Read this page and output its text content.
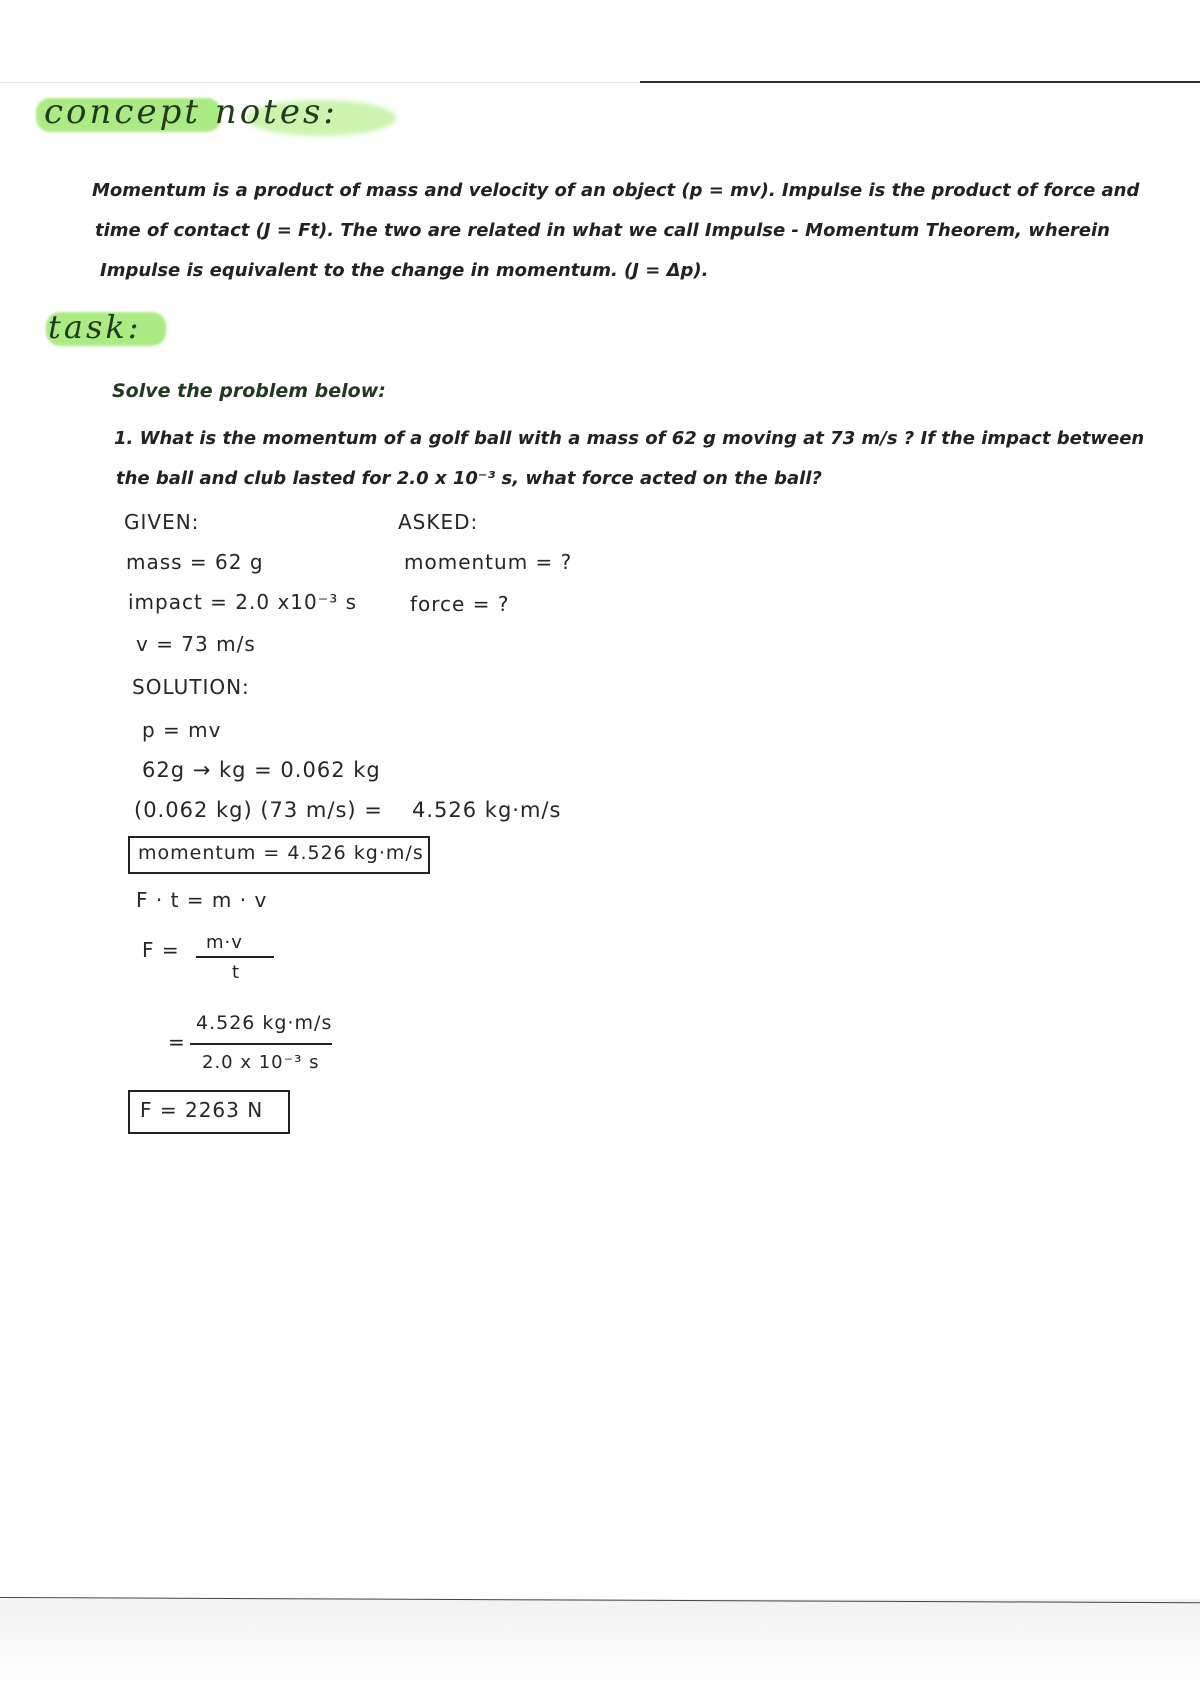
concept notes:
Momentum is a product of mass and velocity of an object (p = mv). Impulse is the product of force and
time of contact (J = Ft). The two are related in what we call Impulse - Momentum Theorem, wherein
Impulse is equivalent to the change in momentum. (J = Δp).
task:
Solve the problem below:
1. What is the momentum of a golf ball with a mass of 62 g moving at 73 m/s ? If the impact between
the ball and club lasted for 2.0 x 10⁻³ s, what force acted on the ball?
GIVEN:
mass = 62 g
impact = 2.0 x10⁻³ s
v = 73 m/s
ASKED:
momentum = ?
force = ?
SOLUTION:
p = mv
62g → kg = 0.062 kg
(0.062 kg) (73 m/s) = 4.526 kg·m/s
momentum = 4.526 kg·m/s
F · t = m · v
F = m·v
t
=
4.526 kg·m/s
2.0 x 10⁻³ s
F = 2263 N
